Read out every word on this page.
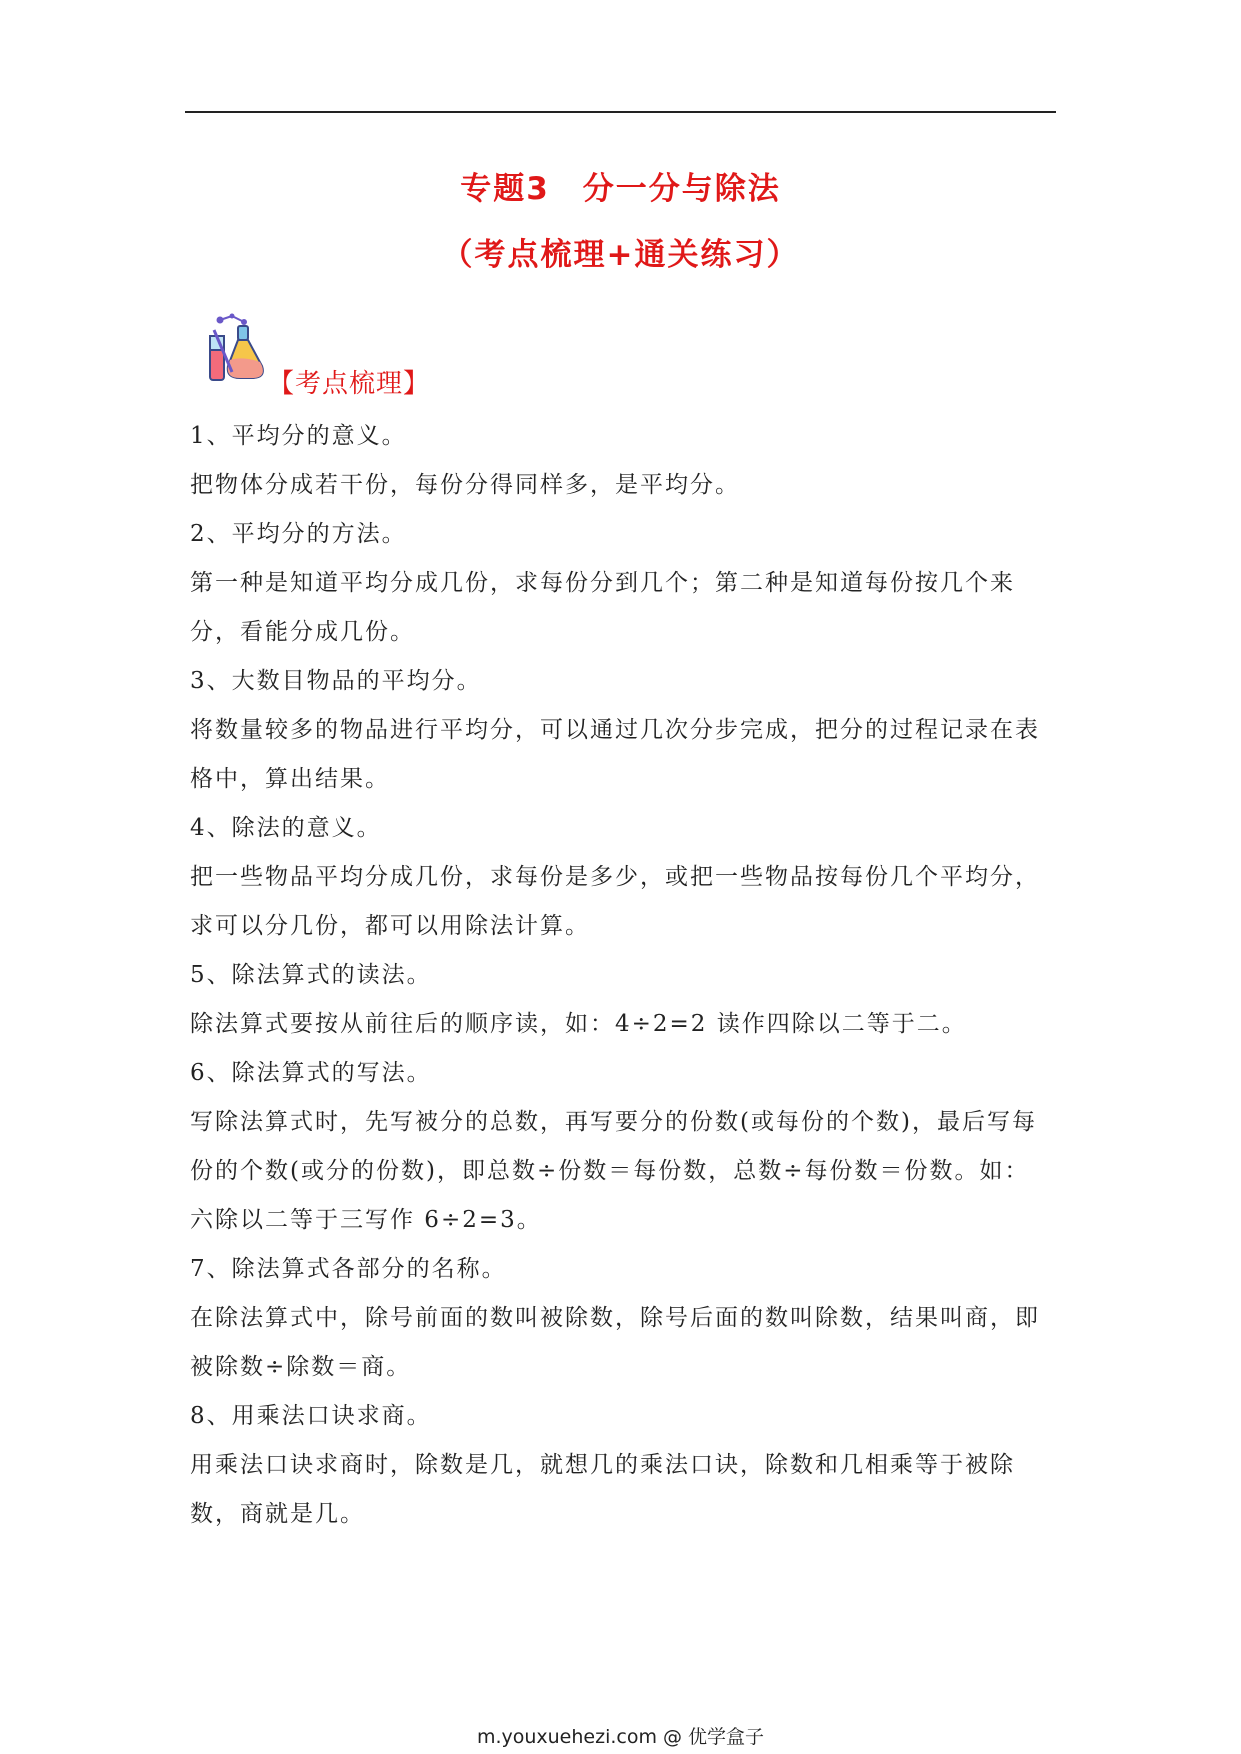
专题3　分一分与除法
（考点梳理+通关练习）
【考点梳理】

1、平均分的意义。

把物体分成若干份，每份分得同样多，是平均分。

2、平均分的方法。

第一种是知道平均分成几份，求每份分到几个；第二种是知道每份按几个来

分，看能分成几份。

3、大数目物品的平均分。

将数量较多的物品进行平均分，可以通过几次分步完成，把分的过程记录在表

格中，算出结果。

4、除法的意义。

把一些物品平均分成几份，求每份是多少，或把一些物品按每份几个平均分，

求可以分几份，都可以用除法计算。

5、除法算式的读法。

除法算式要按从前往后的顺序读，如：4÷2=2 读作四除以二等于二。

6、除法算式的写法。

写除法算式时，先写被分的总数，再写要分的份数(或每份的个数)，最后写每

份的个数(或分的份数)，即总数÷份数＝每份数，总数÷每份数＝份数。如：

六除以二等于三写作 6÷2=3。

7、除法算式各部分的名称。

在除法算式中，除号前面的数叫被除数，除号后面的数叫除数，结果叫商，即

被除数÷除数＝商。

8、用乘法口诀求商。

用乘法口诀求商时，除数是几，就想几的乘法口诀，除数和几相乘等于被除

数，商就是几。

m.youxuehezi.com @ 优学盒子
